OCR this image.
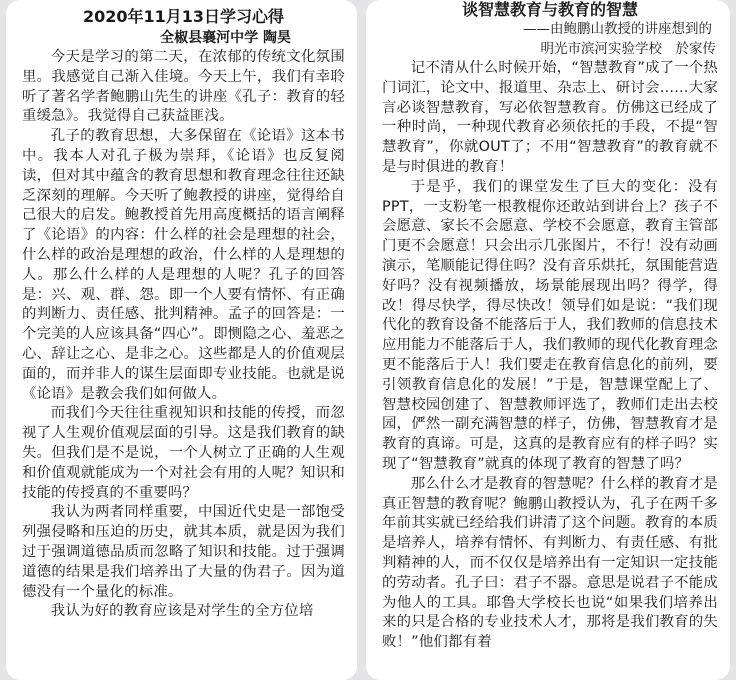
2020年11月13日学习心得
全椒县襄河中学 陶昊

今天是学习的第二天，在浓郁的传统文化氛围里。我感觉自己渐入佳境。今天上午，我们有幸聆听了著名学者鲍鹏山先生的讲座《孔子：教育的轻重缓急》。我觉得自己获益匪浅。

孔子的教育思想，大多保留在《论语》这本书中。我本人对孔子极为崇拜，《论语》也反复阅读，但对其中蕴含的教育思想和教育理念往往还缺乏深刻的理解。今天听了鲍教授的讲座，觉得给自己很大的启发。鲍教授首先用高度概括的语言阐释了《论语》的内容：什么样的社会是理想的社会，什么样的政治是理想的政治，什么样的人是理想的人。那么什么样的人是理想的人呢？孔子的回答是：兴、观、群、怨。即一个人要有情怀、有正确的判断力、责任感、批判精神。孟子的回答是：一个完美的人应该具备“四心”。即恻隐之心、羞恶之心、辞让之心、是非之心。这些都是人的价值观层面的，而并非人的谋生层面即专业技能。也就是说《论语》是教会我们如何做人。

而我们今天往往重视知识和技能的传授，而忽视了人生观价值观层面的引导。这是我们教育的缺失。但我们是不是说，一个人树立了正确的人生观和价值观就能成为一个对社会有用的人呢？知识和技能的传授真的不重要吗？

我认为两者同样重要，中国近代史是一部饱受列强侵略和压迫的历史，就其本质，就是因为我们过于强调道德品质而忽略了知识和技能。过于强调道德的结果是我们培养出了大量的伪君子。因为道德没有一个量化的标准。

我认为好的教育应该是对学生的全方位培

谈智慧教育与教育的智慧
——由鲍鹏山教授的讲座想到的
明光市滨河实验学校　於家传

记不清从什么时候开始，“智慧教育”成了一个热门词汇，论文中、报道里、杂志上、研讨会……大家言必谈智慧教育，写必依智慧教育。仿佛这已经成了一种时尚，一种现代教育必须依托的手段，不提“智慧教育”，你就OUT了；不用“智慧教育”的教育就不是与时俱进的教育！

于是乎，我们的课堂发生了巨大的变化：没有PPT，一支粉笔一根教棍你还敢站到讲台上？孩子不会愿意、家长不会愿意、学校不会愿意，教育主管部门更不会愿意！只会出示几张图片，不行！没有动画演示，笔顺能记得住吗？没有音乐烘托，氛围能营造好吗？没有视频播放，场景能展现出吗？得学，得改！得尽快学，得尽快改！领导们如是说：“我们现代化的教育设备不能落后于人，我们教师的信息技术应用能力不能落后于人，我们教师的现代化教育理念更不能落后于人！我们要走在教育信息化的前列，要引领教育信息化的发展！”于是，智慧课堂配上了、智慧校园创建了、智慧教师评选了，教师们走出去校园，俨然一副充满智慧的样子，仿佛，智慧教育才是教育的真谛。可是，这真的是教育应有的样子吗？实现了“智慧教育”就真的体现了教育的智慧了吗？

那么什么才是教育的智慧呢？什么样的教育才是真正智慧的教育呢？鲍鹏山教授认为，孔子在两千多年前其实就已经给我们讲清了这个问题。教育的本质是培养人，培养有情怀、有判断力、有责任感、有批判精神的人，而不仅仅是培养出有一定知识一定技能的劳动者。孔子曰：君子不器。意思是说君子不能成为他人的工具。耶鲁大学校长也说“如果我们培养出来的只是合格的专业技术人才，那将是我们教育的失败！”他们都有着
